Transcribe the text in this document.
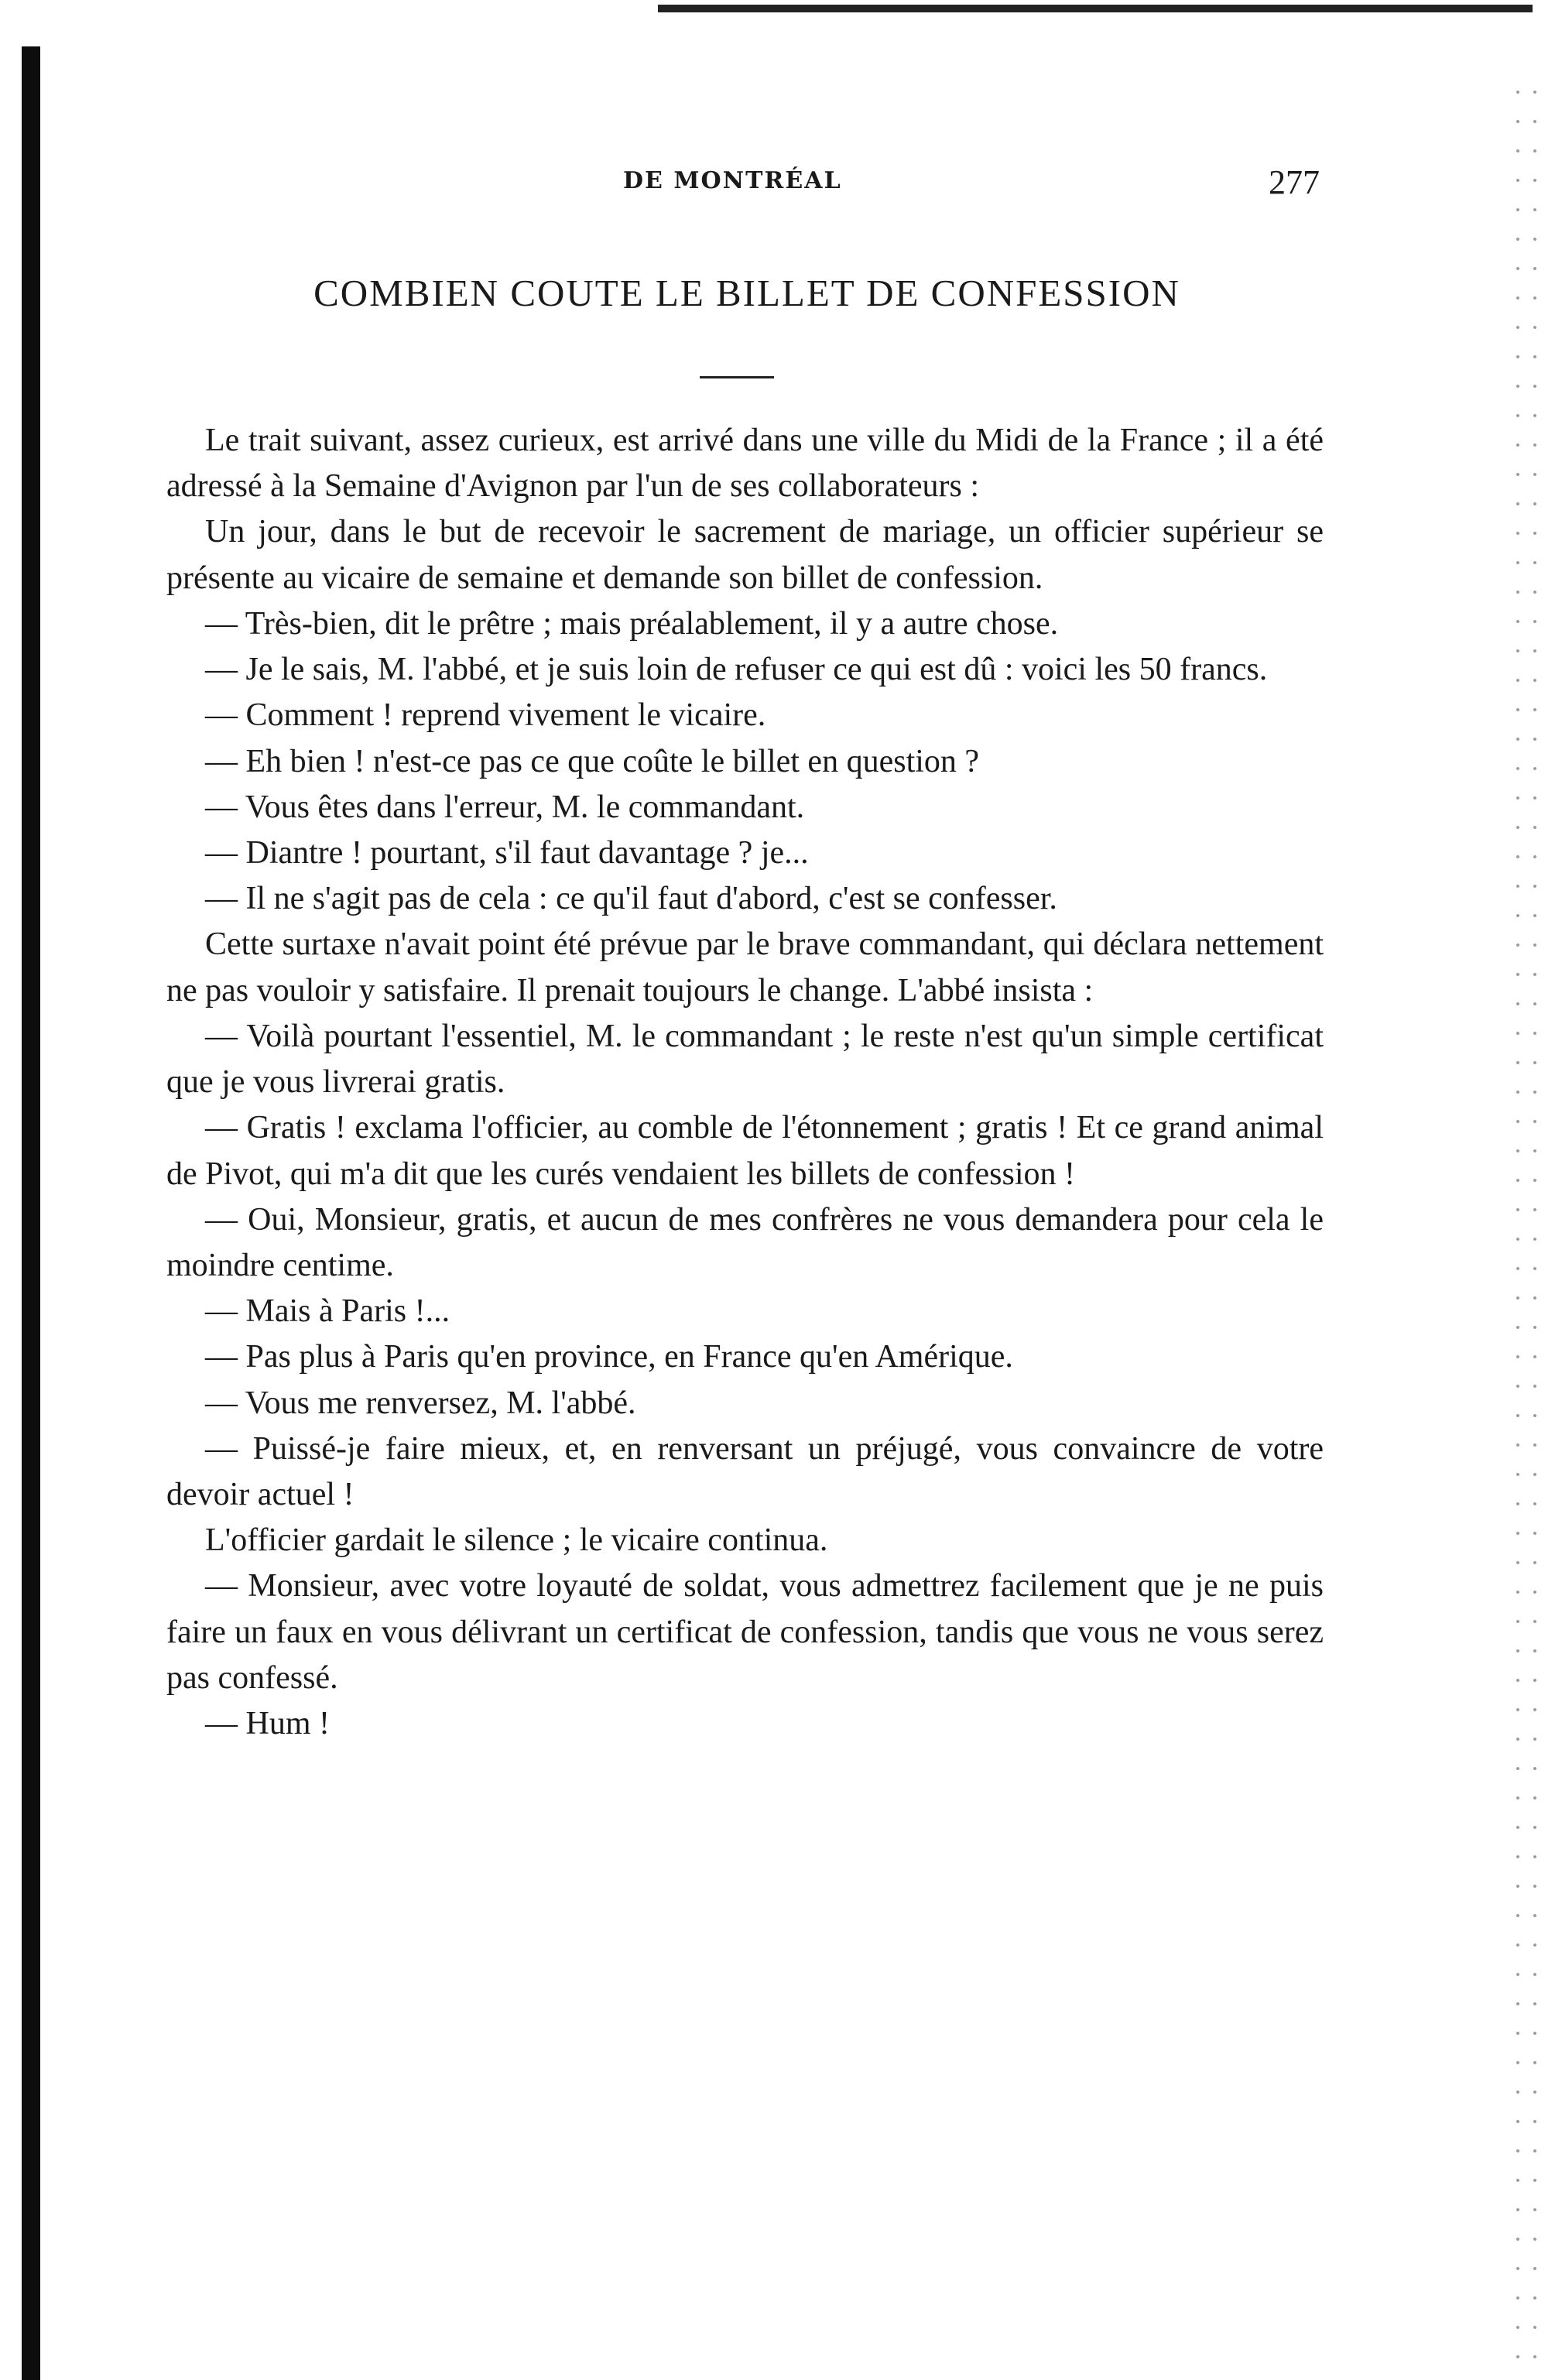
DE MONTRÉAL	277
COMBIEN COUTE LE BILLET DE CONFESSION

Le trait suivant, assez curieux, est arrivé dans une ville du Midi de la France ; il a été adressé à la Semaine d'Avignon par l'un de ses collaborateurs :

Un jour, dans le but de recevoir le sacrement de mariage, un officier supérieur se présente au vicaire de semaine et demande son billet de confession.

— Très-bien, dit le prêtre ; mais préalablement, il y a autre chose.

— Je le sais, M. l'abbé, et je suis loin de refuser ce qui est dû : voici les 50 francs.

— Comment ! reprend vivement le vicaire.

— Eh bien ! n'est-ce pas ce que coûte le billet en question ?

— Vous êtes dans l'erreur, M. le commandant.

— Diantre ! pourtant, s'il faut davantage ? je...

— Il ne s'agit pas de cela : ce qu'il faut d'abord, c'est se confesser.

Cette surtaxe n'avait point été prévue par le brave commandant, qui déclara nettement ne pas vouloir y satisfaire. Il prenait toujours le change. L'abbé insista :

— Voilà pourtant l'essentiel, M. le commandant ; le reste n'est qu'un simple certificat que je vous livrerai gratis.

— Gratis ! exclama l'officier, au comble de l'étonnement ; gratis ! Et ce grand animal de Pivot, qui m'a dit que les curés vendaient les billets de confession !

— Oui, Monsieur, gratis, et aucun de mes confrères ne vous demandera pour cela le moindre centime.

— Mais à Paris !...

— Pas plus à Paris qu'en province, en France qu'en Amérique.

— Vous me renversez, M. l'abbé.

— Puissé-je faire mieux, et, en renversant un préjugé, vous convaincre de votre devoir actuel !

L'officier gardait le silence ; le vicaire continua.

— Monsieur, avec votre loyauté de soldat, vous admettrez facilement que je ne puis faire un faux en vous délivrant un certificat de confession, tandis que vous ne vous serez pas confessé.

— Hum !
